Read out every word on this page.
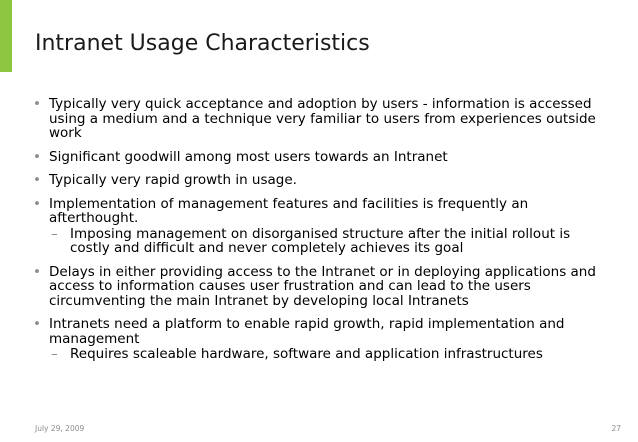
Intranet Usage Characteristics
• Typically very quick acceptance and adoption by users - information is accessed using a medium and a technique very familiar to users from experiences outside work
• Significant goodwill among most users towards an Intranet
• Typically very rapid growth in usage.
• Implementation of management features and facilities is frequently an afterthought.
– Imposing management on disorganised structure after the initial rollout is costly and difficult and never completely achieves its goal
• Delays in either providing access to the Intranet or in deploying applications and access to information causes user frustration and can lead to the users circumventing the main Intranet by developing local Intranets
• Intranets need a platform to enable rapid growth, rapid implementation and management
– Requires scaleable hardware, software and application infrastructures
July 29, 2009	27
